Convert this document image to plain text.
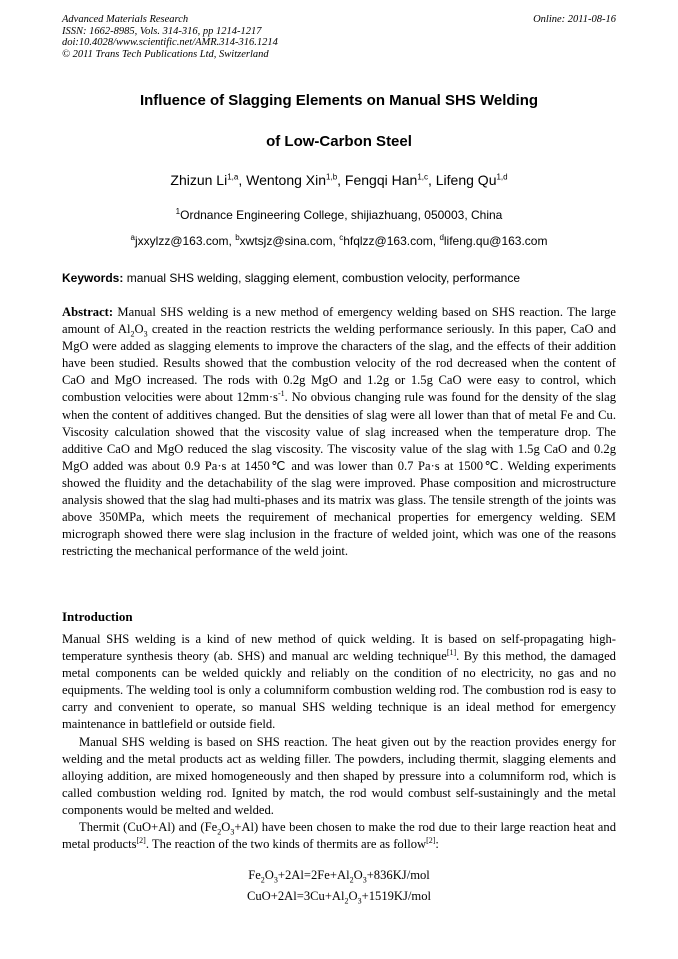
Advanced Materials Research
ISSN: 1662-8985, Vols. 314-316, pp 1214-1217
doi:10.4028/www.scientific.net/AMR.314-316.1214
© 2011 Trans Tech Publications Ltd, Switzerland
Online: 2011-08-16
Influence of Slagging Elements on Manual SHS Welding
of Low-Carbon Steel
Zhizun Li$^{1,a}$, Wentong Xin$^{1,b}$, Fengqi Han$^{1,c}$, Lifeng Qu$^{1,d}$
$^1$Ordnance Engineering College, shijiazhuang, 050003, China
$^a$jxxylzz@163.com, $^b$xwtsjz@sina.com, $^c$hfqlzz@163.com, $^d$lifeng.qu@163.com
Keywords: manual SHS welding, slagging element, combustion velocity, performance
Abstract: Manual SHS welding is a new method of emergency welding based on SHS reaction. The large amount of $Al_2O_3$ created in the reaction restricts the welding performance seriously. In this paper, CaO and MgO were added as slagging elements to improve the characters of the slag, and the effects of their addition have been studied. Results showed that the combustion velocity of the rod decreased when the content of CaO and MgO increased. The rods with 0.2g MgO and 1.2g or 1.5g CaO were easy to control, which combustion velocities were about $12mm\cdot s^{-1}$. No obvious changing rule was found for the density of the slag when the content of additives changed. But the densities of slag were all lower than that of metal Fe and Cu. Viscosity calculation showed that the viscosity value of slag increased when the temperature drop. The additive CaO and MgO reduced the slag viscosity. The viscosity value of the slag with 1.5g CaO and 0.2g MgO added was about 0.9 Pa·s at 1450℃ and was lower than 0.7 Pa·s at 1500℃. Welding experiments showed the fluidity and the detachability of the slag were improved. Phase composition and microstructure analysis showed that the slag had multi-phases and its matrix was glass. The tensile strength of the joints was above 350MPa, which meets the requirement of mechanical properties for emergency welding. SEM micrograph showed there were slag inclusion in the fracture of welded joint, which was one of the reasons restricting the mechanical performance of the weld joint.
Introduction

Manual SHS welding is a kind of new method of quick welding. It is based on self-propagating high-temperature synthesis theory (ab. SHS) and manual arc welding technique[1]. By this method, the damaged metal components can be welded quickly and reliably on the condition of no electricity, no gas and no equipments. The welding tool is only a columniform combustion welding rod. The combustion rod is easy to carry and convenient to operate, so manual SHS welding technique is an ideal method for emergency maintenance in battlefield or outside field.

Manual SHS welding is based on SHS reaction. The heat given out by the reaction provides energy for welding and the metal products act as welding filler. The powders, including thermit, slagging elements and alloying addition, are mixed homogeneously and then shaped by pressure into a columniform rod, which is called combustion welding rod. Ignited by match, the rod would combust self-sustainingly and the metal components would be melted and welded.

Thermit (CuO+Al) and $(Fe_2O_3+Al)$ have been chosen to make the rod due to their large reaction heat and metal products[2]. The reaction of the two kinds of thermits are as follow[2]:

$Fe_2O_3+2Al=2Fe+Al_2O_3+836KJ$/mol
$CuO+2Al=3Cu+Al_2O_3+1519KJ$/mol
